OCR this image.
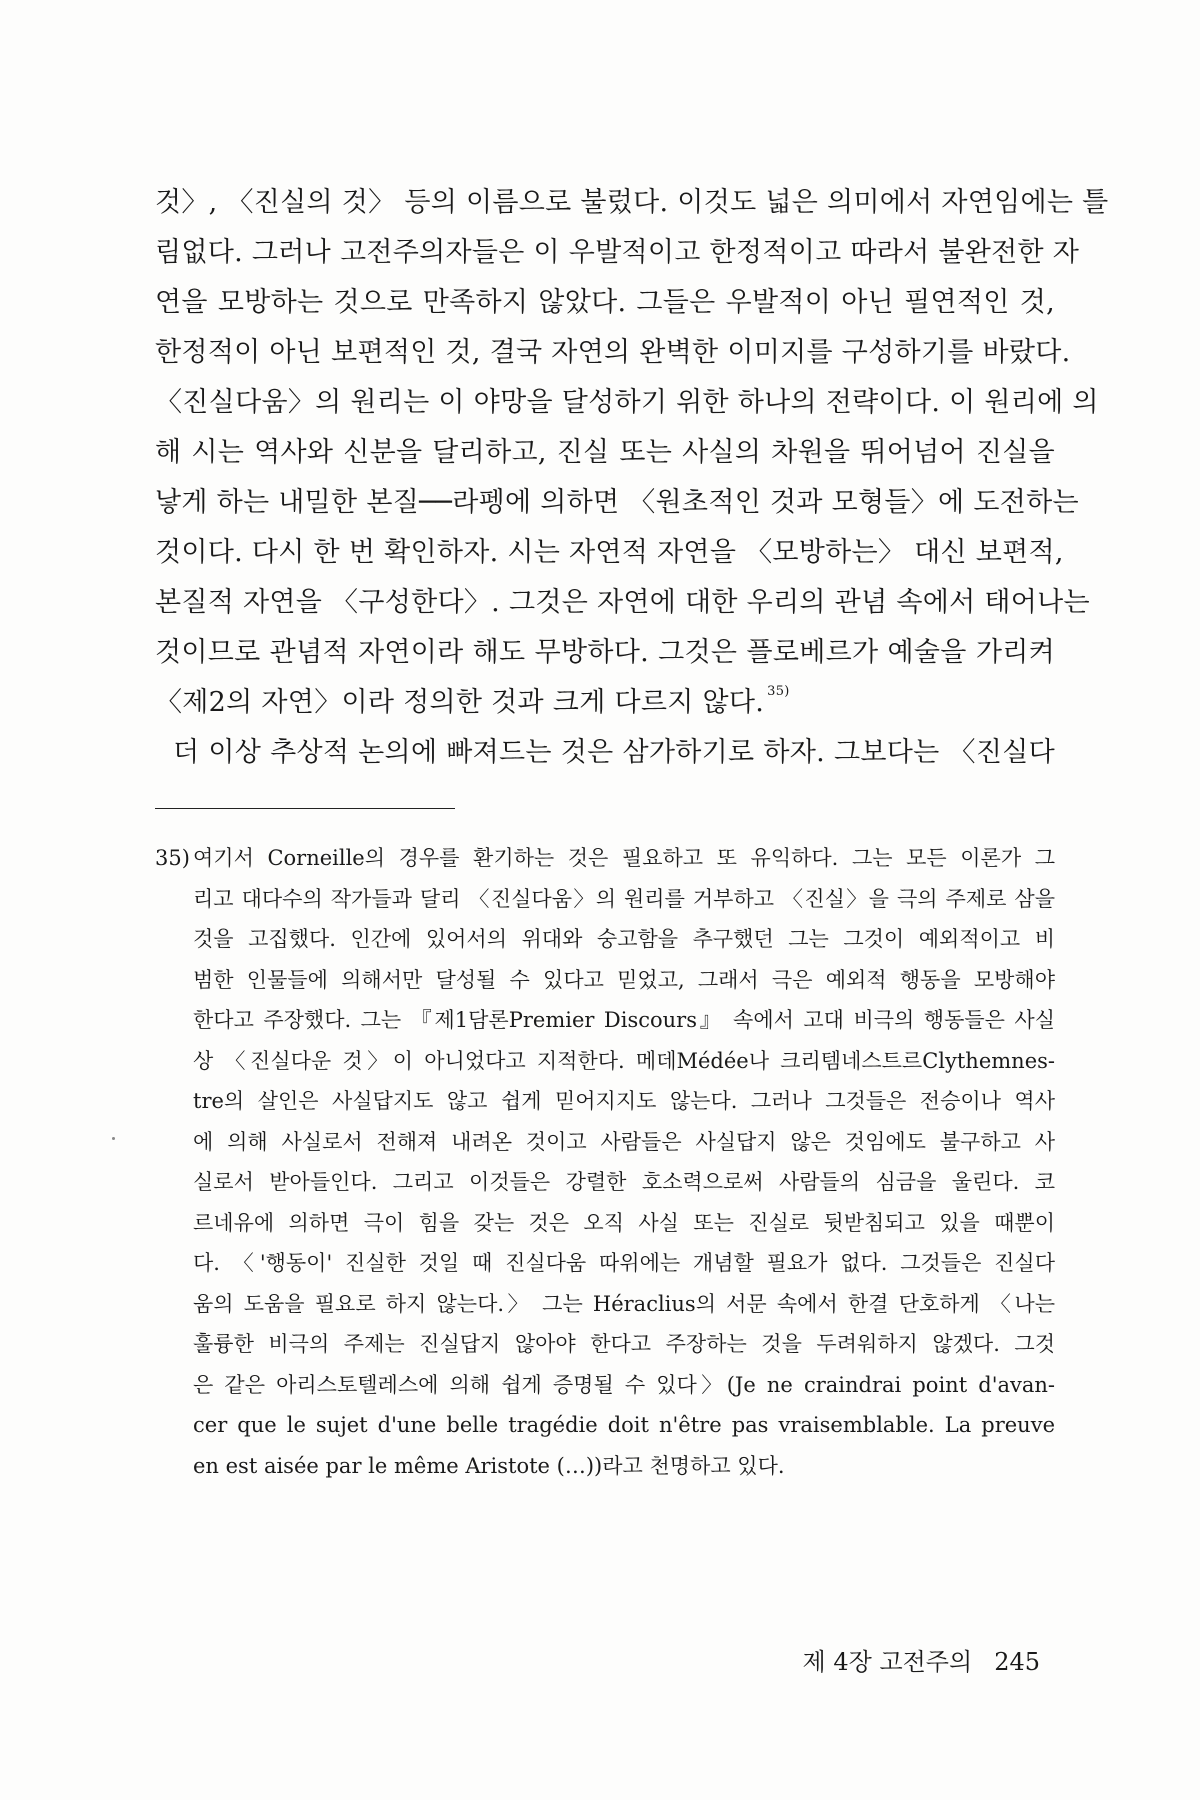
것〉, 〈진실의 것〉 등의 이름으로 불렀다. 이것도 넓은 의미에서 자연임에는 틀
림없다. 그러나 고전주의자들은 이 우발적이고 한정적이고 따라서 불완전한 자
연을 모방하는 것으로 만족하지 않았다. 그들은 우발적이 아닌 필연적인 것,
한정적이 아닌 보편적인 것, 결국 자연의 완벽한 이미지를 구성하기를 바랐다.
〈진실다움〉의 원리는 이 야망을 달성하기 위한 하나의 전략이다. 이 원리에 의
해 시는 역사와 신분을 달리하고, 진실 또는 사실의 차원을 뛰어넘어 진실을
낳게 하는 내밀한 본질──라펭에 의하면 〈원초적인 것과 모형들〉에 도전하는
것이다. 다시 한 번 확인하자. 시는 자연적 자연을 〈모방하는〉 대신 보편적,
본질적 자연을 〈구성한다〉. 그것은 자연에 대한 우리의 관념 속에서 태어나는
것이므로 관념적 자연이라 해도 무방하다. 그것은 플로베르가 예술을 가리켜
〈제2의 자연〉이라 정의한 것과 크게 다르지 않다. $^{35)}$
더 이상 추상적 논의에 빠져드는 것은 삼가하기로 하자. 그보다는 〈진실다
35) 여기서 Corneille의 경우를 환기하는 것은 필요하고 또 유익하다. 그는 모든 이론가 그
리고 대다수의 작가들과 달리 〈진실다움〉의 원리를 거부하고 〈진실〉을 극의 주제로 삼을
것을 고집했다. 인간에 있어서의 위대와 숭고함을 추구했던 그는 그것이 예외적이고 비
범한 인물들에 의해서만 달성될 수 있다고 믿었고, 그래서 극은 예외적 행동을 모방해야
한다고 주장했다. 그는 『제1담론Premier Discours』 속에서 고대 비극의 행동들은 사실
상 〈진실다운 것〉이 아니었다고 지적한다. 메데Médée나 크리템네스트르Clythemnes-
tre의 살인은 사실답지도 않고 쉽게 믿어지지도 않는다. 그러나 그것들은 전승이나 역사
에 의해 사실로서 전해져 내려온 것이고 사람들은 사실답지 않은 것임에도 불구하고 사
실로서 받아들인다. 그리고 이것들은 강렬한 호소력으로써 사람들의 심금을 울린다. 코
르네유에 의하면 극이 힘을 갖는 것은 오직 사실 또는 진실로 뒷받침되고 있을 때뿐이
다. 〈'행동이' 진실한 것일 때 진실다움 따위에는 개념할 필요가 없다. 그것들은 진실다
움의 도움을 필요로 하지 않는다.〉 그는 Héraclius의 서문 속에서 한결 단호하게 〈나는
훌륭한 비극의 주제는 진실답지 않아야 한다고 주장하는 것을 두려워하지 않겠다. 그것
은 같은 아리스토텔레스에 의해 쉽게 증명될 수 있다〉(Je ne craindrai point d'avan-
cer que le sujet d'une belle tragédie doit n'être pas vraisemblable. La preuve
en est aisée par le même Aristote (…))라고 천명하고 있다.
제 4장 고전주의 245
